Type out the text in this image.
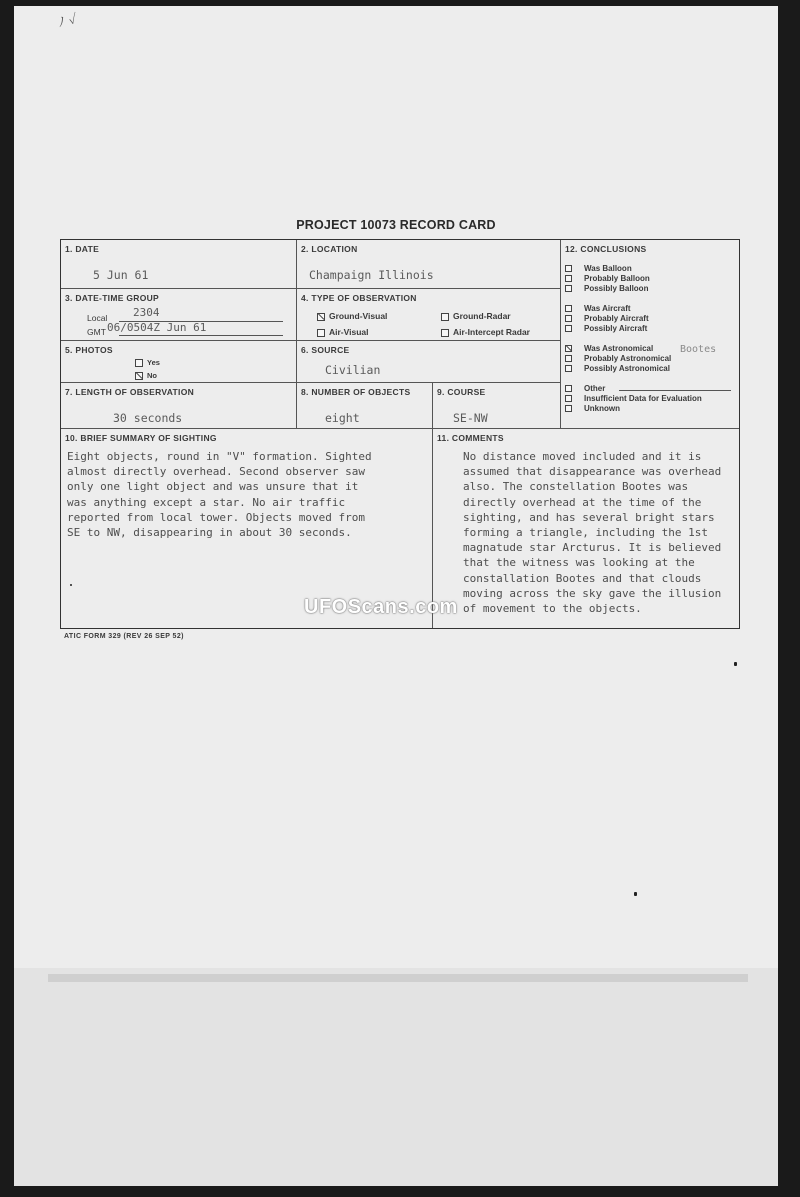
ﾉ ✓
PROJECT 10073 RECORD CARD
1. DATE
5 Jun 61
2. LOCATION
Champaign Illinois
3. DATE-TIME GROUP
Local 2304
GMT 06/0504Z Jun 61
4. TYPE OF OBSERVATION
Ground-Visual	Ground-Radar
Air-Visual	Air-Intercept Radar
5. PHOTOS
Yes
No
6. SOURCE
Civilian
7. LENGTH OF OBSERVATION
30 seconds
8. NUMBER OF OBJECTS
eight
9. COURSE
SE-NW
12. CONCLUSIONS
Was Balloon
Probably Balloon
Possibly Balloon
Was Aircraft
Probably Aircraft
Possibly Aircraft
Was Astronomical
Probably Astronomical
Possibly Astronomical
Other
Insufficient Data for Evaluation
Unknown
Bootes
10. BRIEF SUMMARY OF SIGHTING
Eight objects, round in "V" formation. Sighted
almost directly overhead. Second observer saw
only one light object and was unsure that it
was anything except a star. No air traffic
reported from local tower. Objects moved from
SE to NW, disappearing in about 30 seconds.
11. COMMENTS
No distance moved included and it is
assumed that disappearance was overhead
also. The constellation Bootes was
directly overhead at the time of the
sighting, and has several bright stars
forming a triangle, including the 1st
magnatude star Arcturus. It is believed
that the witness was looking at the
constallation Bootes and that clouds
moving across the sky gave the illusion
of movement to the objects.
ATIC FORM 329 (REV 26 SEP 52)
UFOScans.com
